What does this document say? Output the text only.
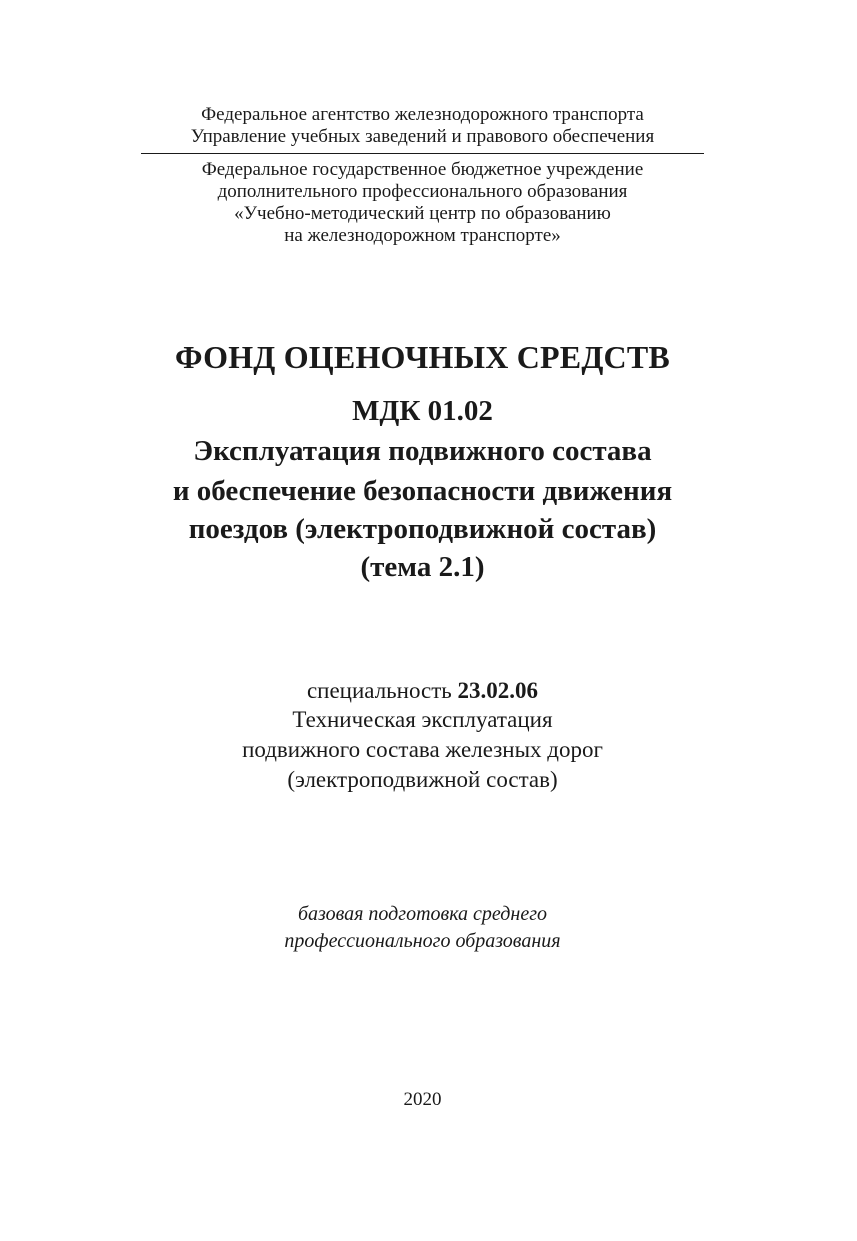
Федеральное агентство железнодорожного транспорта
Управление учебных заведений и правового обеспечения
Федеральное государственное бюджетное учреждение
дополнительного профессионального образования
«Учебно-методический центр по образованию
на железнодорожном транспорте»
ФОНД ОЦЕНОЧНЫХ СРЕДСТВ
МДК 01.02
Эксплуатация подвижного состава
и обеспечение безопасности движения
поездов (электроподвижной состав)
(тема 2.1)
специальность 23.02.06
Техническая эксплуатация
подвижного состава железных дорог
(электроподвижной состав)
базовая подготовка среднего
профессионального образования
2020
